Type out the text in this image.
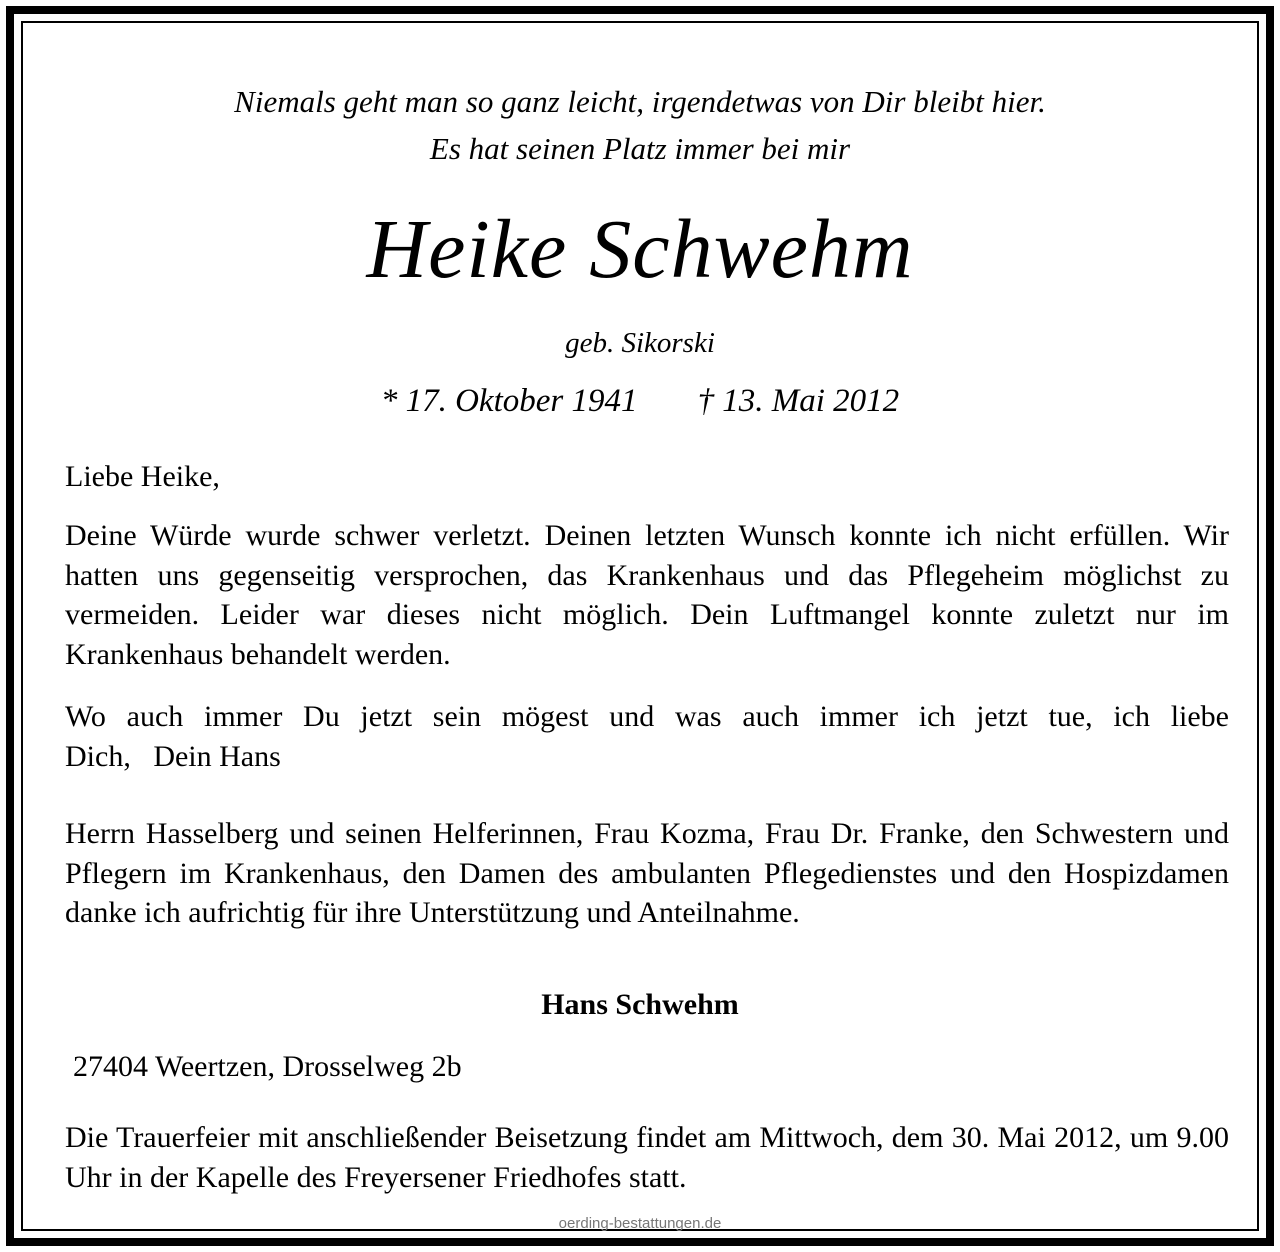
Niemals geht man so ganz leicht, irgendetwas von Dir bleibt hier.
Es hat seinen Platz immer bei mir
Heike Schwehm
geb. Sikorski
* 17. Oktober 1941 † 13. Mai 2012
Liebe Heike,
Deine Würde wurde schwer verletzt. Deinen letzten Wunsch konnte ich nicht erfüllen. Wir hatten uns gegenseitig versprochen, das Krankenhaus und das Pflegeheim möglichst zu vermeiden. Leider war dieses nicht möglich. Dein Luftmangel konnte zuletzt nur im Krankenhaus behandelt werden.
Wo auch immer Du jetzt sein mögest und was auch immer ich jetzt tue, ich liebe
Dich,   Dein Hans
Herrn Hasselberg und seinen Helferinnen, Frau Kozma, Frau Dr. Franke, den Schwestern und Pflegern im Krankenhaus, den Damen des ambulanten Pflegedienstes und den Hospizdamen danke ich aufrichtig für ihre Unterstützung und Anteilnahme.
Hans Schwehm
27404 Weertzen, Drosselweg 2b
Die Trauerfeier mit anschließender Beisetzung findet am Mittwoch, dem 30. Mai 2012, um 9.00 Uhr in der Kapelle des Freyersener Friedhofes statt.
oerding-bestattungen.de
